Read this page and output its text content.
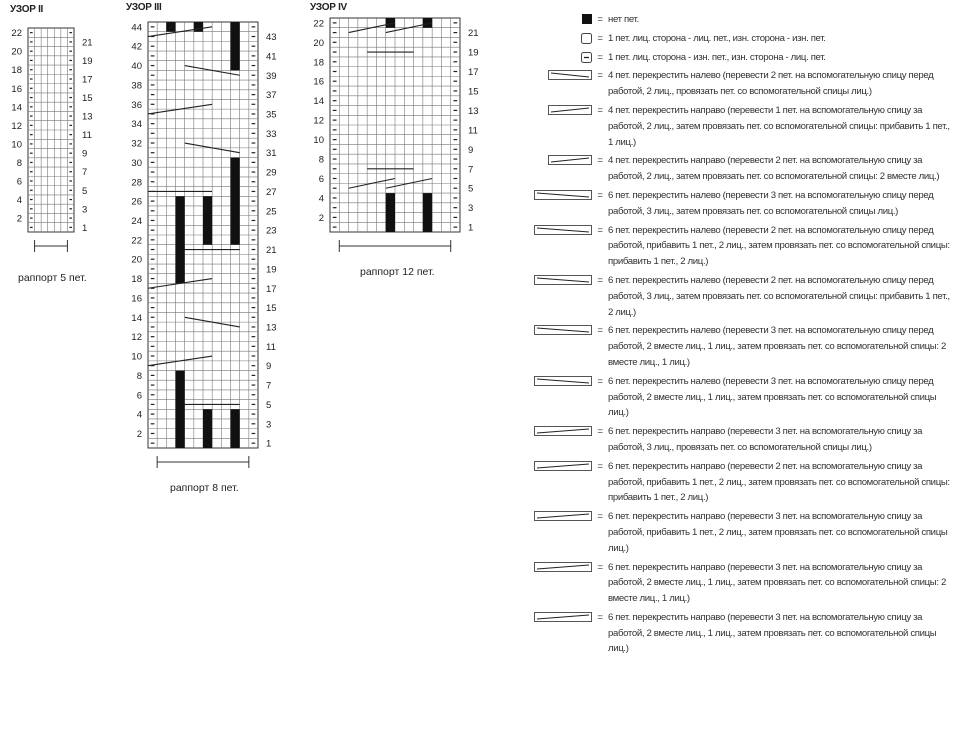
УЗОР II
22
20
18
16
14
12
10
8
6
4
2
21
19
17
15
13
11
9
7
5
3
1
раппорт 5 пет.
УЗОР III
44
42
40
38
36
34
32
30
28
26
24
22
20
18
16
14
12
10
8
6
4
2
43
41
39
37
35
33
31
29
27
25
23
21
19
17
15
13
11
9
7
5
3
1
раппорт 8 пет.
УЗОР IV
22
20
18
16
14
12
10
8
6
4
2
21
19
17
15
13
11
9
7
5
3
1
раппорт 12 пет.
= нет пет.
= 1 пет. лиц. сторона - лиц. пет., изн. сторона - изн. пет.
= 1 пет. лиц. сторона - изн. пет., изн. сторона - лиц. пет.
= 4 пет. перекрестить налево (перевести 2 пет. на вспомогательную спицу перед работой, 2 лиц., провязать пет. со вспомогательной спицы лиц.)
= 4 пет. перекрестить направо (перевести 1 пет. на вспомогательную спицу за работой, 2 лиц., затем провязать пет. со вспомогательной спицы: прибавить 1 пет., 1 лиц.)
= 4 пет. перекрестить направо (перевести 2 пет. на вспомогательную спицу за работой, 2 лиц., затем провязать пет. со вспомогательной спицы: 2 вместе лиц.)
= 6 пет. перекрестить налево (перевести 3 пет. на вспомогательную спицу перед работой, 3 лиц., затем провязать пет. со вспомогательной спицы лиц.)
= 6 пет. перекрестить налево (перевести 2 пет. на вспомогательную спицу перед работой, прибавить 1 пет., 2 лиц., затем провязать пет. со вспомогательной спицы: прибавить 1 пет., 2 лиц.)
= 6 пет. перекрестить налево (перевести 2 пет. на вспомогательную спицу перед работой, 3 лиц., затем провязать пет. со вспомогательной спицы: прибавить 1 пет., 2 лиц.)
= 6 пет. перекрестить налево (перевести 3 пет. на вспомогательную спицу перед работой, 2 вместе лиц., 1 лиц., затем провязать пет. со вспомогательной спицы: 2 вместе лиц., 1 лиц.)
= 6 пет. перекрестить налево (перевести 3 пет. на вспомогательную спицу перед работой, 2 вместе лиц., 1 лиц., затем провязать пет. со вспомогательной спицы лиц.)
= 6 пет. перекрестить направо (перевести 3 пет. на вспомогательную спицу за работой, 3 лиц., провязать пет. со вспомогательной спицы лиц.)
= 6 пет. перекрестить направо (перевести 2 пет. на вспомогательную спицу за работой, прибавить 1 пет., 2 лиц., затем провязать пет. со вспомогательной спицы: прибавить 1 пет., 2 лиц.)
= 6 пет. перекрестить направо (перевести 3 пет. на вспомогательную спицу за работой, прибавить 1 пет., 2 лиц., затем провязать пет. со вспомогательной спицы лиц.)
= 6 пет. перекрестить направо (перевести 3 пет. на вспомогательную спицу за работой, 2 вместе лиц., 1 лиц., затем провязать пет. со вспомогательной спицы: 2 вместе лиц., 1 лиц.)
= 6 пет. перекрестить направо (перевести 3 пет. на вспомогательную спицу за работой, 2 вместе лиц., 1 лиц., затем провязать пет. со вспомогательной спицы лиц.)
